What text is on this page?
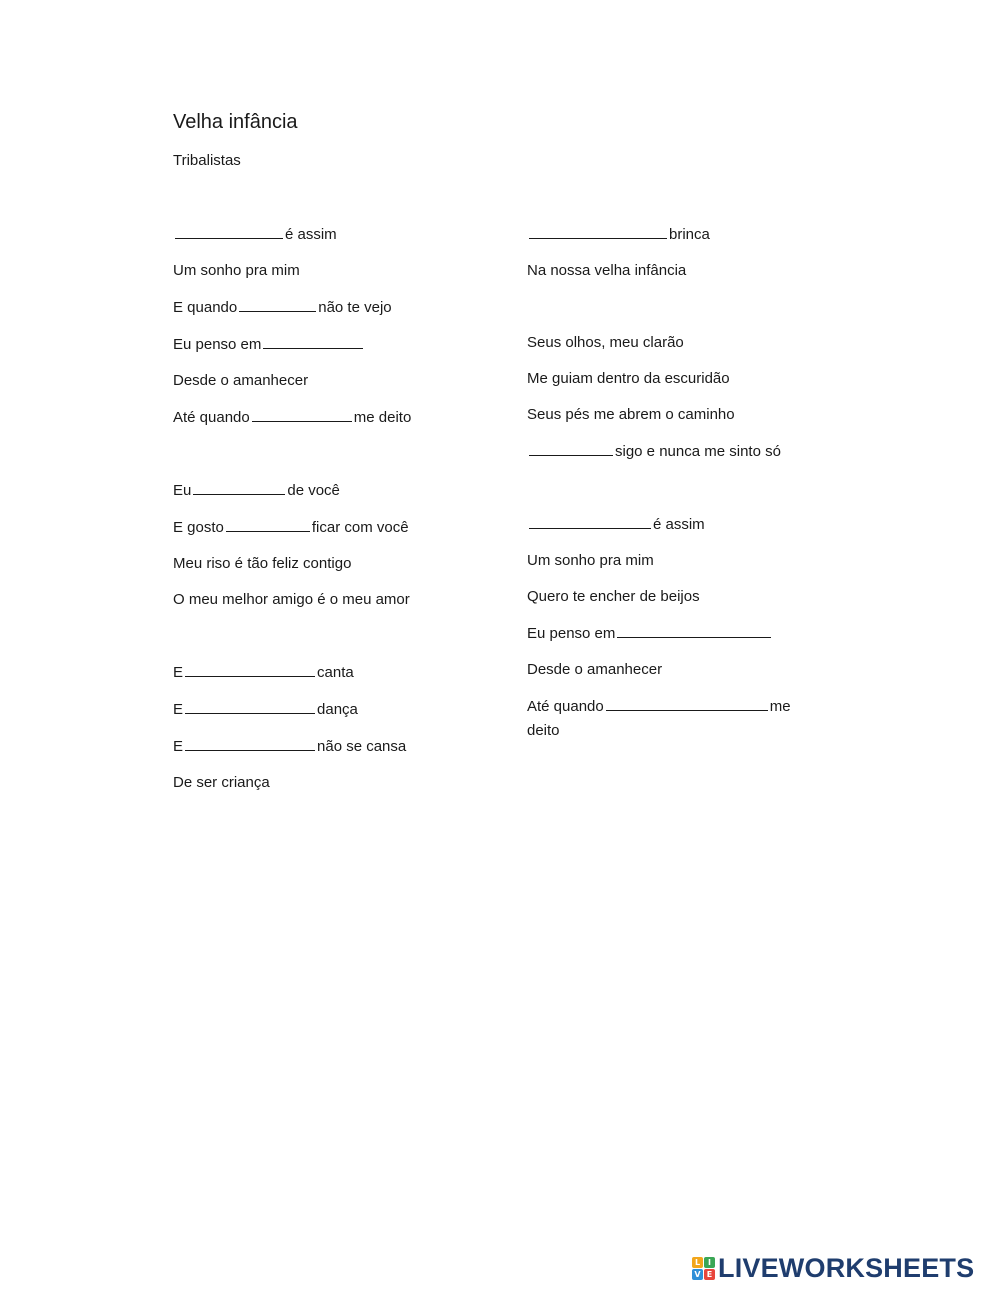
Velha infância
Tribalistas
é assim
Um sonho pra mim
E quando	não te vejo
Eu penso em
Desde o amanhecer
Até quando	me deito
Eu	de você
E gosto	ficar com você
Meu riso é tão feliz contigo
O meu melhor amigo é o meu amor
E	canta
E	dança
E	não se cansa
De ser criança
brinca
Na nossa velha infância
Seus olhos, meu clarão
Me guiam dentro da escuridão
Seus pés me abrem o caminho
sigo e nunca me sinto só
é assim
Um sonho pra mim
Quero te encher de beijos
Eu penso em
Desde o amanhecer
Até quando	me deito
L I
V E LIVEWORKSHEETS
